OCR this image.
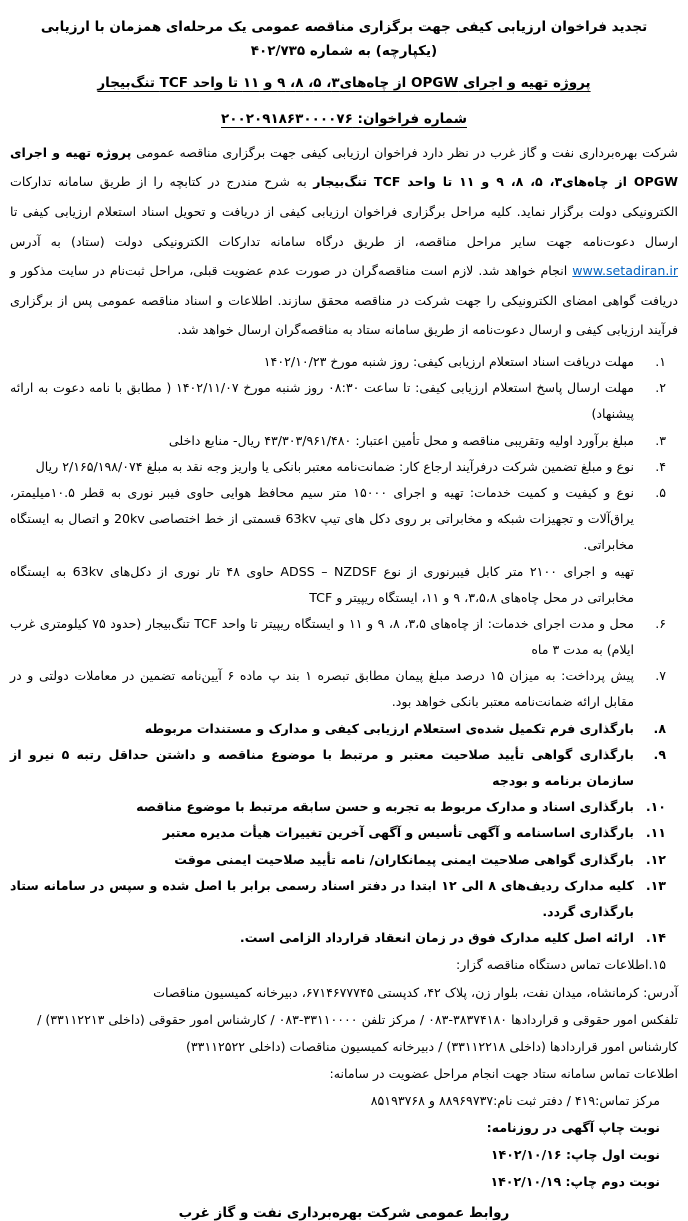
تجدید فراخوان ارزیابی کیفی جهت برگزاری مناقصه عمومی یک مرحله‌ای همزمان با ارزیابی (یکپارچه) به شماره ۴۰۲/۷۳۵
پروژه تهیه و اجرای OPGW از چاه‌های۳، ۵، ۸، ۹ و ۱۱ تا واحد TCF تنگ‌بیجار
شماره فراخوان: ۲۰۰۲۰۹۱۸۶۳۰۰۰۰۷۶
شرکت بهره‌برداری نفت و گاز غرب در نظر دارد فراخوان ارزیابی کیفی جهت برگزاری مناقصه عمومی پروژه تهیه و اجرای OPGW از چاه‌های۳، ۵، ۸، ۹ و ۱۱ تا واحد TCF تنگ‌بیجار به شرح مندرج در کتابچه را از طریق سامانه تدارکات الکترونیکی دولت برگزار نماید. کلیه مراحل برگزاری فراخوان ارزیابی کیفی از دریافت و تحویل اسناد استعلام ارزیابی کیفی تا ارسال دعوت‌نامه جهت سایر مراحل مناقصه، از طریق درگاه سامانه تدارکات الکترونیکی دولت (ستاد) به آدرس www.setadiran.ir انجام خواهد شد. لازم است مناقصه‌گران در صورت عدم عضویت قبلی، مراحل ثبت‌نام در سایت مذکور و دریافت گواهی امضای الکترونیکی را جهت شرکت در مناقصه محقق سازند. اطلاعات و اسناد مناقصه عمومی پس از برگزاری فرآیند ارزیابی کیفی و ارسال دعوت‌نامه از طریق سامانه ستاد به مناقصه‌گران ارسال خواهد شد.
۱.
مهلت دریافت اسناد استعلام ارزیابی کیفی: روز شنبه مورخ ۱۴۰۲/۱۰/۲۳
۲.
مهلت ارسال پاسخ استعلام ارزیابی کیفی: تا ساعت ۰۸:۳۰ روز شنبه مورخ ۱۴۰۲/۱۱/۰۷ ( مطابق با نامه دعوت به ارائه پیشنهاد)
۳.
مبلغ برآورد اولیه وتقریبی مناقصه و محل تأمین اعتبار: ۴۳/۳۰۳/۹۶۱/۴۸۰ ریال- منابع داخلی
۴.
نوع و مبلغ تضمین شرکت درفرآیند ارجاع کار: ضمانت‌نامه معتبر بانکی یا واریز وجه نقد به مبلغ ۲/۱۶۵/۱۹۸/۰۷۴ ریال
۵.
نوع و کیفیت و کمیت خدمات: تهیه و اجرای ۱۵۰۰۰ متر سیم محافظ هوایی حاوی فیبر نوری به قطر ۱۰.۵میلیمتر، یراق‌آلات و تجهیزات شبکه و مخابراتی بر روی دکل های تیپ 63kv قسمتی از خط اختصاصی 20kv و اتصال به ایستگاه مخابراتی.
تهیه و اجرای ۲۱۰۰ متر کابل فیبرنوری از نوع ADSS – NZDSF حاوی ۴۸ تار نوری از دکل‌های 63kv به ایستگاه مخابراتی در محل چاه‌های ۳،۵،۸، ۹ و ۱۱، ایستگاه ریپیتر و TCF
۶.
محل و مدت اجرای خدمات: از چاه‌های ۳،۵، ۸، ۹ و ۱۱ و ایستگاه ریپیتر تا واحد TCF تنگ‌بیجار (حدود ۷۵ کیلومتری غرب ایلام) به مدت ۳ ماه
۷.
پیش پرداخت: به میزان ۱۵ درصد مبلغ پیمان مطابق تبصره ۱ بند پ ماده ۶ آیین‌نامه تضمین در معاملات دولتی و در مقابل ارائه ضمانت‌نامه معتبر بانکی خواهد بود.
۸.
بارگذاری فرم تکمیل شده‌ی استعلام ارزیابی کیفی و مدارک و مستندات مربوطه
۹.
بارگذاری گواهی تأیید صلاحیت معتبر و مرتبط با موضوع مناقصه و داشتن حداقل رتبه ۵ نیرو از سازمان برنامه و بودجه
۱۰.
بارگذاری اسناد و مدارک مربوط به تجربه و حسن سابقه مرتبط با موضوع مناقصه
۱۱.
بارگذاری اساسنامه و آگهی تأسیس و آگهی آخرین تغییرات هیأت مدیره معتبر
۱۲.
بارگذاری گواهی صلاحیت ایمنی پیمانکاران/ نامه تأیید صلاحیت ایمنی موقت
۱۳.
کلیه مدارک ردیف‌های ۸ الی ۱۲ ابتدا در دفتر اسناد رسمی برابر با اصل شده و سپس در سامانه ستاد بارگذاری گردد.
۱۴.
ارائه اصل کلیه مدارک فوق در زمان انعقاد قرارداد الزامی است.
۱۵.اطلاعات تماس دستگاه مناقصه گزار:
آدرس: کرمانشاه، میدان نفت، بلوار زن، پلاک ۴۲، کدپستی ۶۷۱۴۶۷۷۷۴۵، دبیرخانه کمیسیون مناقصات
تلفکس امور حقوقی و قراردادها ۳۸۳۷۴۱۸۰-۰۸۳ / مرکز تلفن ۳۳۱۱۰۰۰۰-۰۸۳ / کارشناس امور حقوقی (داخلی ۳۳۱۱۲۲۱۳) /
کارشناس امور قراردادها (داخلی ۳۳۱۱۲۲۱۸) / دبیرخانه کمیسیون مناقصات (داخلی ۳۳۱۱۲۵۲۲)
اطلاعات تماس سامانه ستاد جهت انجام مراحل عضویت در سامانه:
مرکز تماس:۴۱۹ / دفتر ثبت نام:۸۸۹۶۹۷۳۷ و ۸۵۱۹۳۷۶۸
نوبت چاپ آگهی در روزنامه:
نوبت اول چاپ: ۱۴۰۲/۱۰/۱۶
نوبت دوم چاپ: ۱۴۰۲/۱۰/۱۹
روابط عمومی شرکت بهره‌برداری نفت و گاز غرب
